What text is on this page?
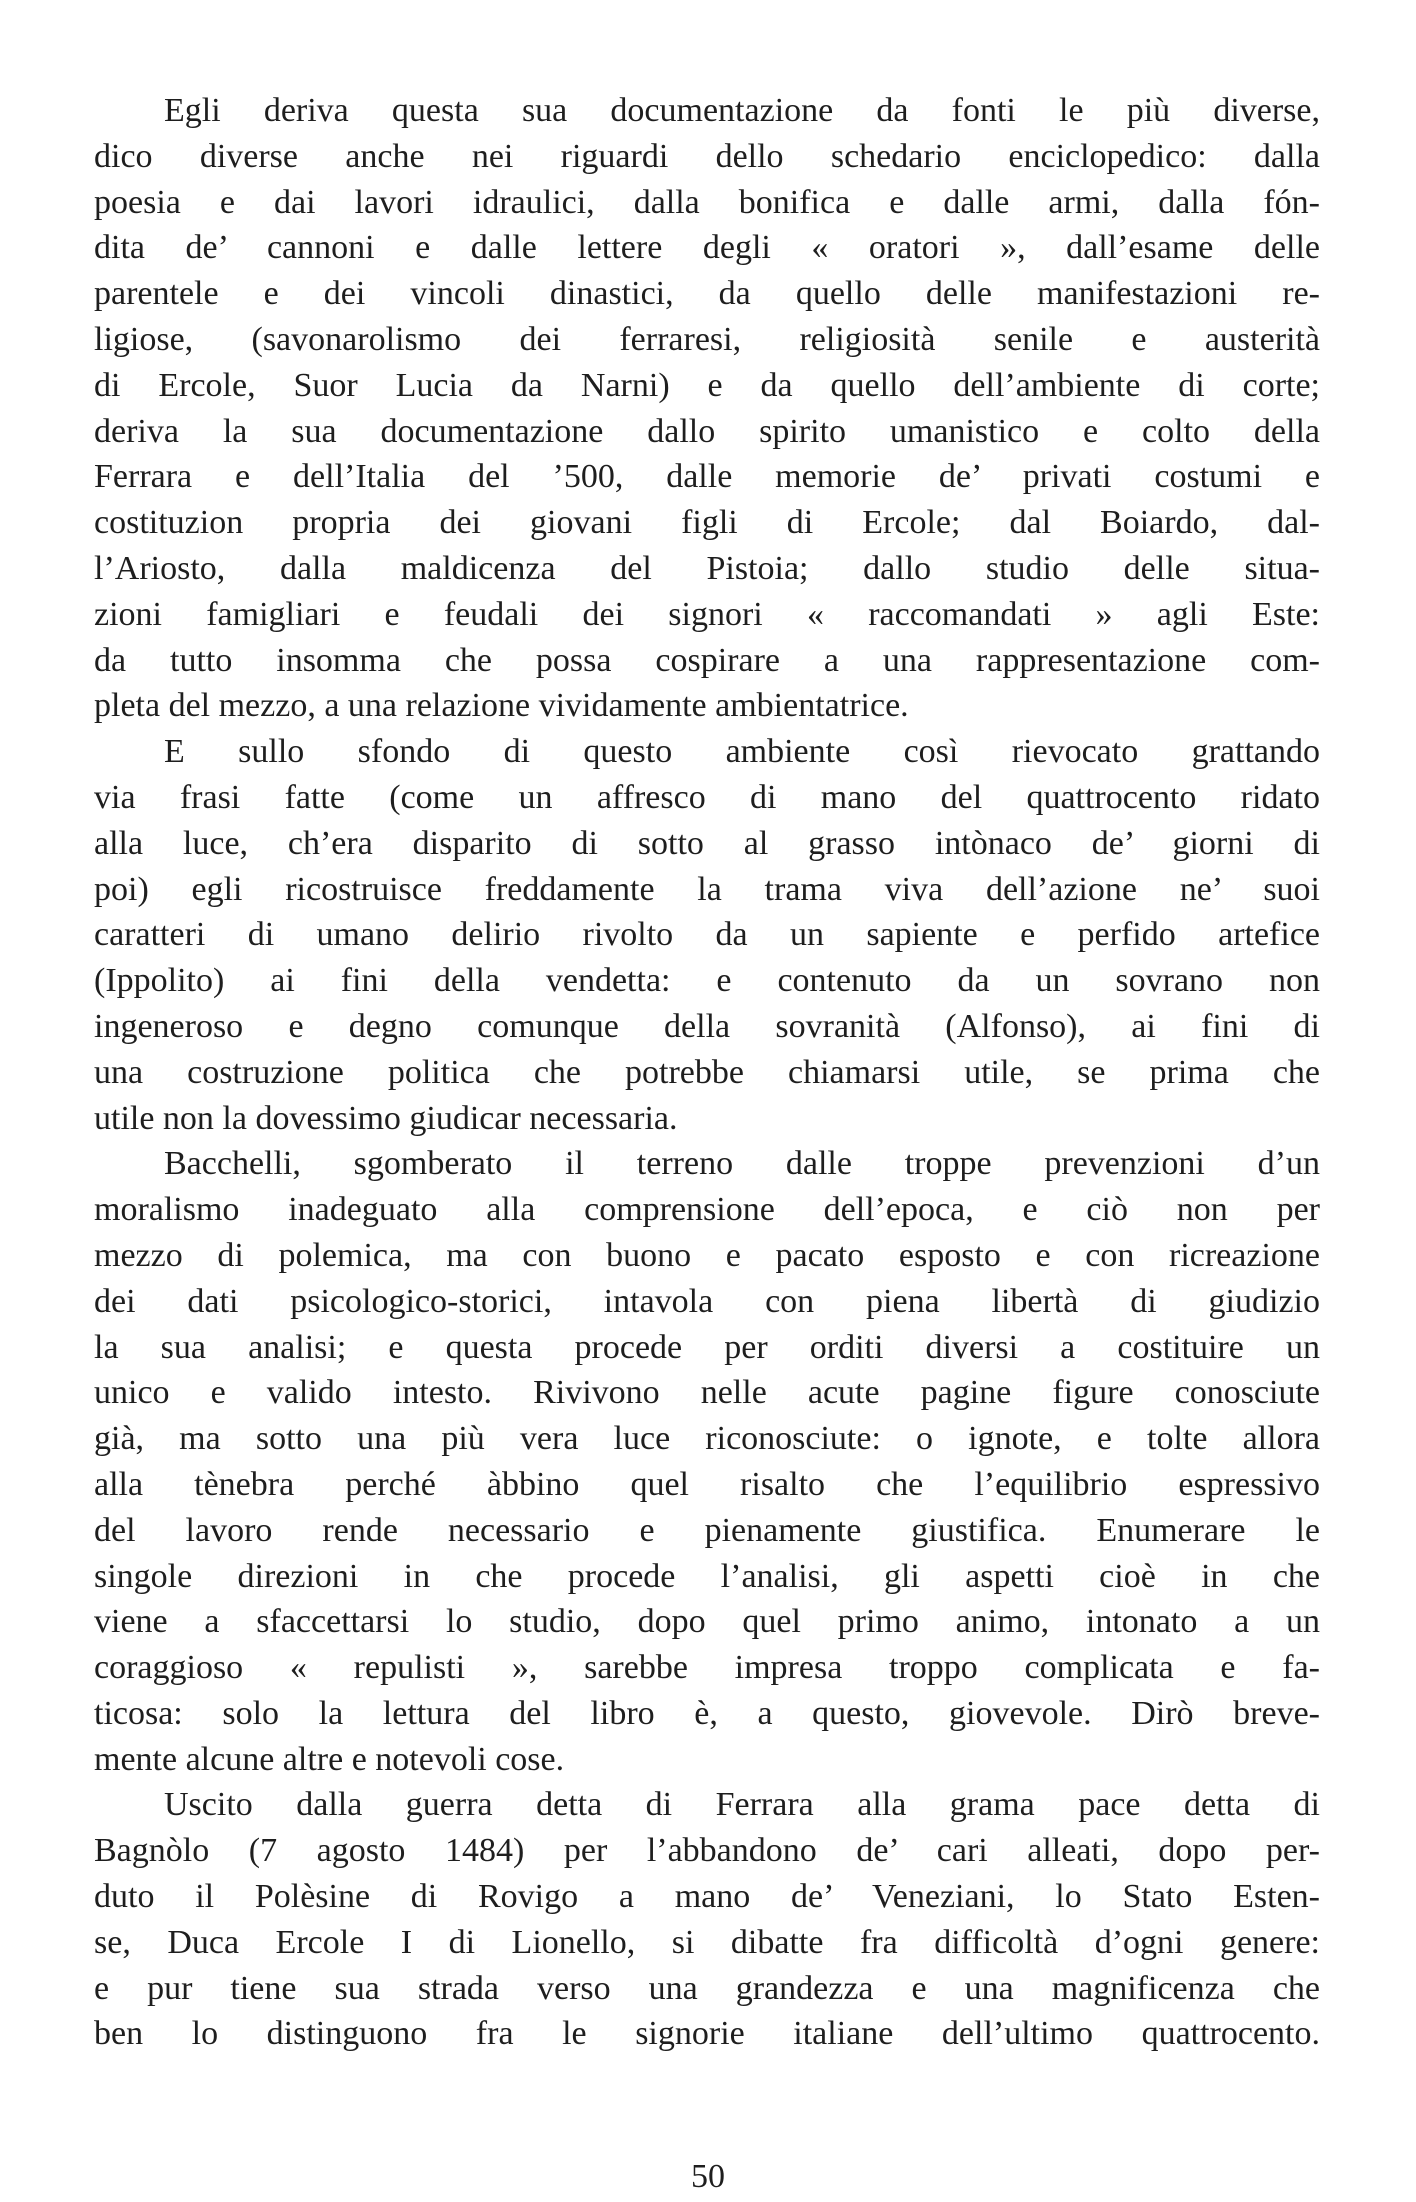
Egli deriva questa sua documentazione da fonti le più diverse,
dico diverse anche nei riguardi dello schedario enciclopedico: dalla
poesia e dai lavori idraulici, dalla bonifica e dalle armi, dalla fón-
dita de’ cannoni e dalle lettere degli « oratori », dall’esame delle
parentele e dei vincoli dinastici, da quello delle manifestazioni re-
ligiose, (savonarolismo dei ferraresi, religiosità senile e austerità
di Ercole, Suor Lucia da Narni) e da quello dell’ambiente di corte;
deriva la sua documentazione dallo spirito umanistico e colto della
Ferrara e dell’Italia del ’500, dalle memorie de’ privati costumi e
costituzion propria dei giovani figli di Ercole; dal Boiardo, dal-
l’Ariosto, dalla maldicenza del Pistoia; dallo studio delle situa-
zioni famigliari e feudali dei signori « raccomandati » agli Este:
da tutto insomma che possa cospirare a una rappresentazione com-
pleta del mezzo, a una relazione vividamente ambientatrice.
E sullo sfondo di questo ambiente così rievocato grattando
via frasi fatte (come un affresco di mano del quattrocento ridato
alla luce, ch’era disparito di sotto al grasso intònaco de’ giorni di
poi) egli ricostruisce freddamente la trama viva dell’azione ne’ suoi
caratteri di umano delirio rivolto da un sapiente e perfido artefice
(Ippolito) ai fini della vendetta: e contenuto da un sovrano non
ingeneroso e degno comunque della sovranità (Alfonso), ai fini di
una costruzione politica che potrebbe chiamarsi utile, se prima che
utile non la dovessimo giudicar necessaria.
Bacchelli, sgomberato il terreno dalle troppe prevenzioni d’un
moralismo inadeguato alla comprensione dell’epoca, e ciò non per
mezzo di polemica, ma con buono e pacato esposto e con ricreazione
dei dati psicologico-storici, intavola con piena libertà di giudizio
la sua analisi; e questa procede per orditi diversi a costituire un
unico e valido intesto. Rivivono nelle acute pagine figure conosciute
già, ma sotto una più vera luce riconosciute: o ignote, e tolte allora
alla tènebra perché àbbino quel risalto che l’equilibrio espressivo
del lavoro rende necessario e pienamente giustifica. Enumerare le
singole direzioni in che procede l’analisi, gli aspetti cioè in che
viene a sfaccettarsi lo studio, dopo quel primo animo, intonato a un
coraggioso « repulisti », sarebbe impresa troppo complicata e fa-
ticosa: solo la lettura del libro è, a questo, giovevole. Dirò breve-
mente alcune altre e notevoli cose.
Uscito dalla guerra detta di Ferrara alla grama pace detta di
Bagnòlo (7 agosto 1484) per l’abbandono de’ cari alleati, dopo per-
duto il Polèsine di Rovigo a mano de’ Veneziani, lo Stato Esten-
se, Duca Ercole I di Lionello, si dibatte fra difficoltà d’ogni genere:
e pur tiene sua strada verso una grandezza e una magnificenza che
ben lo distinguono fra le signorie italiane dell’ultimo quattrocento.
50
